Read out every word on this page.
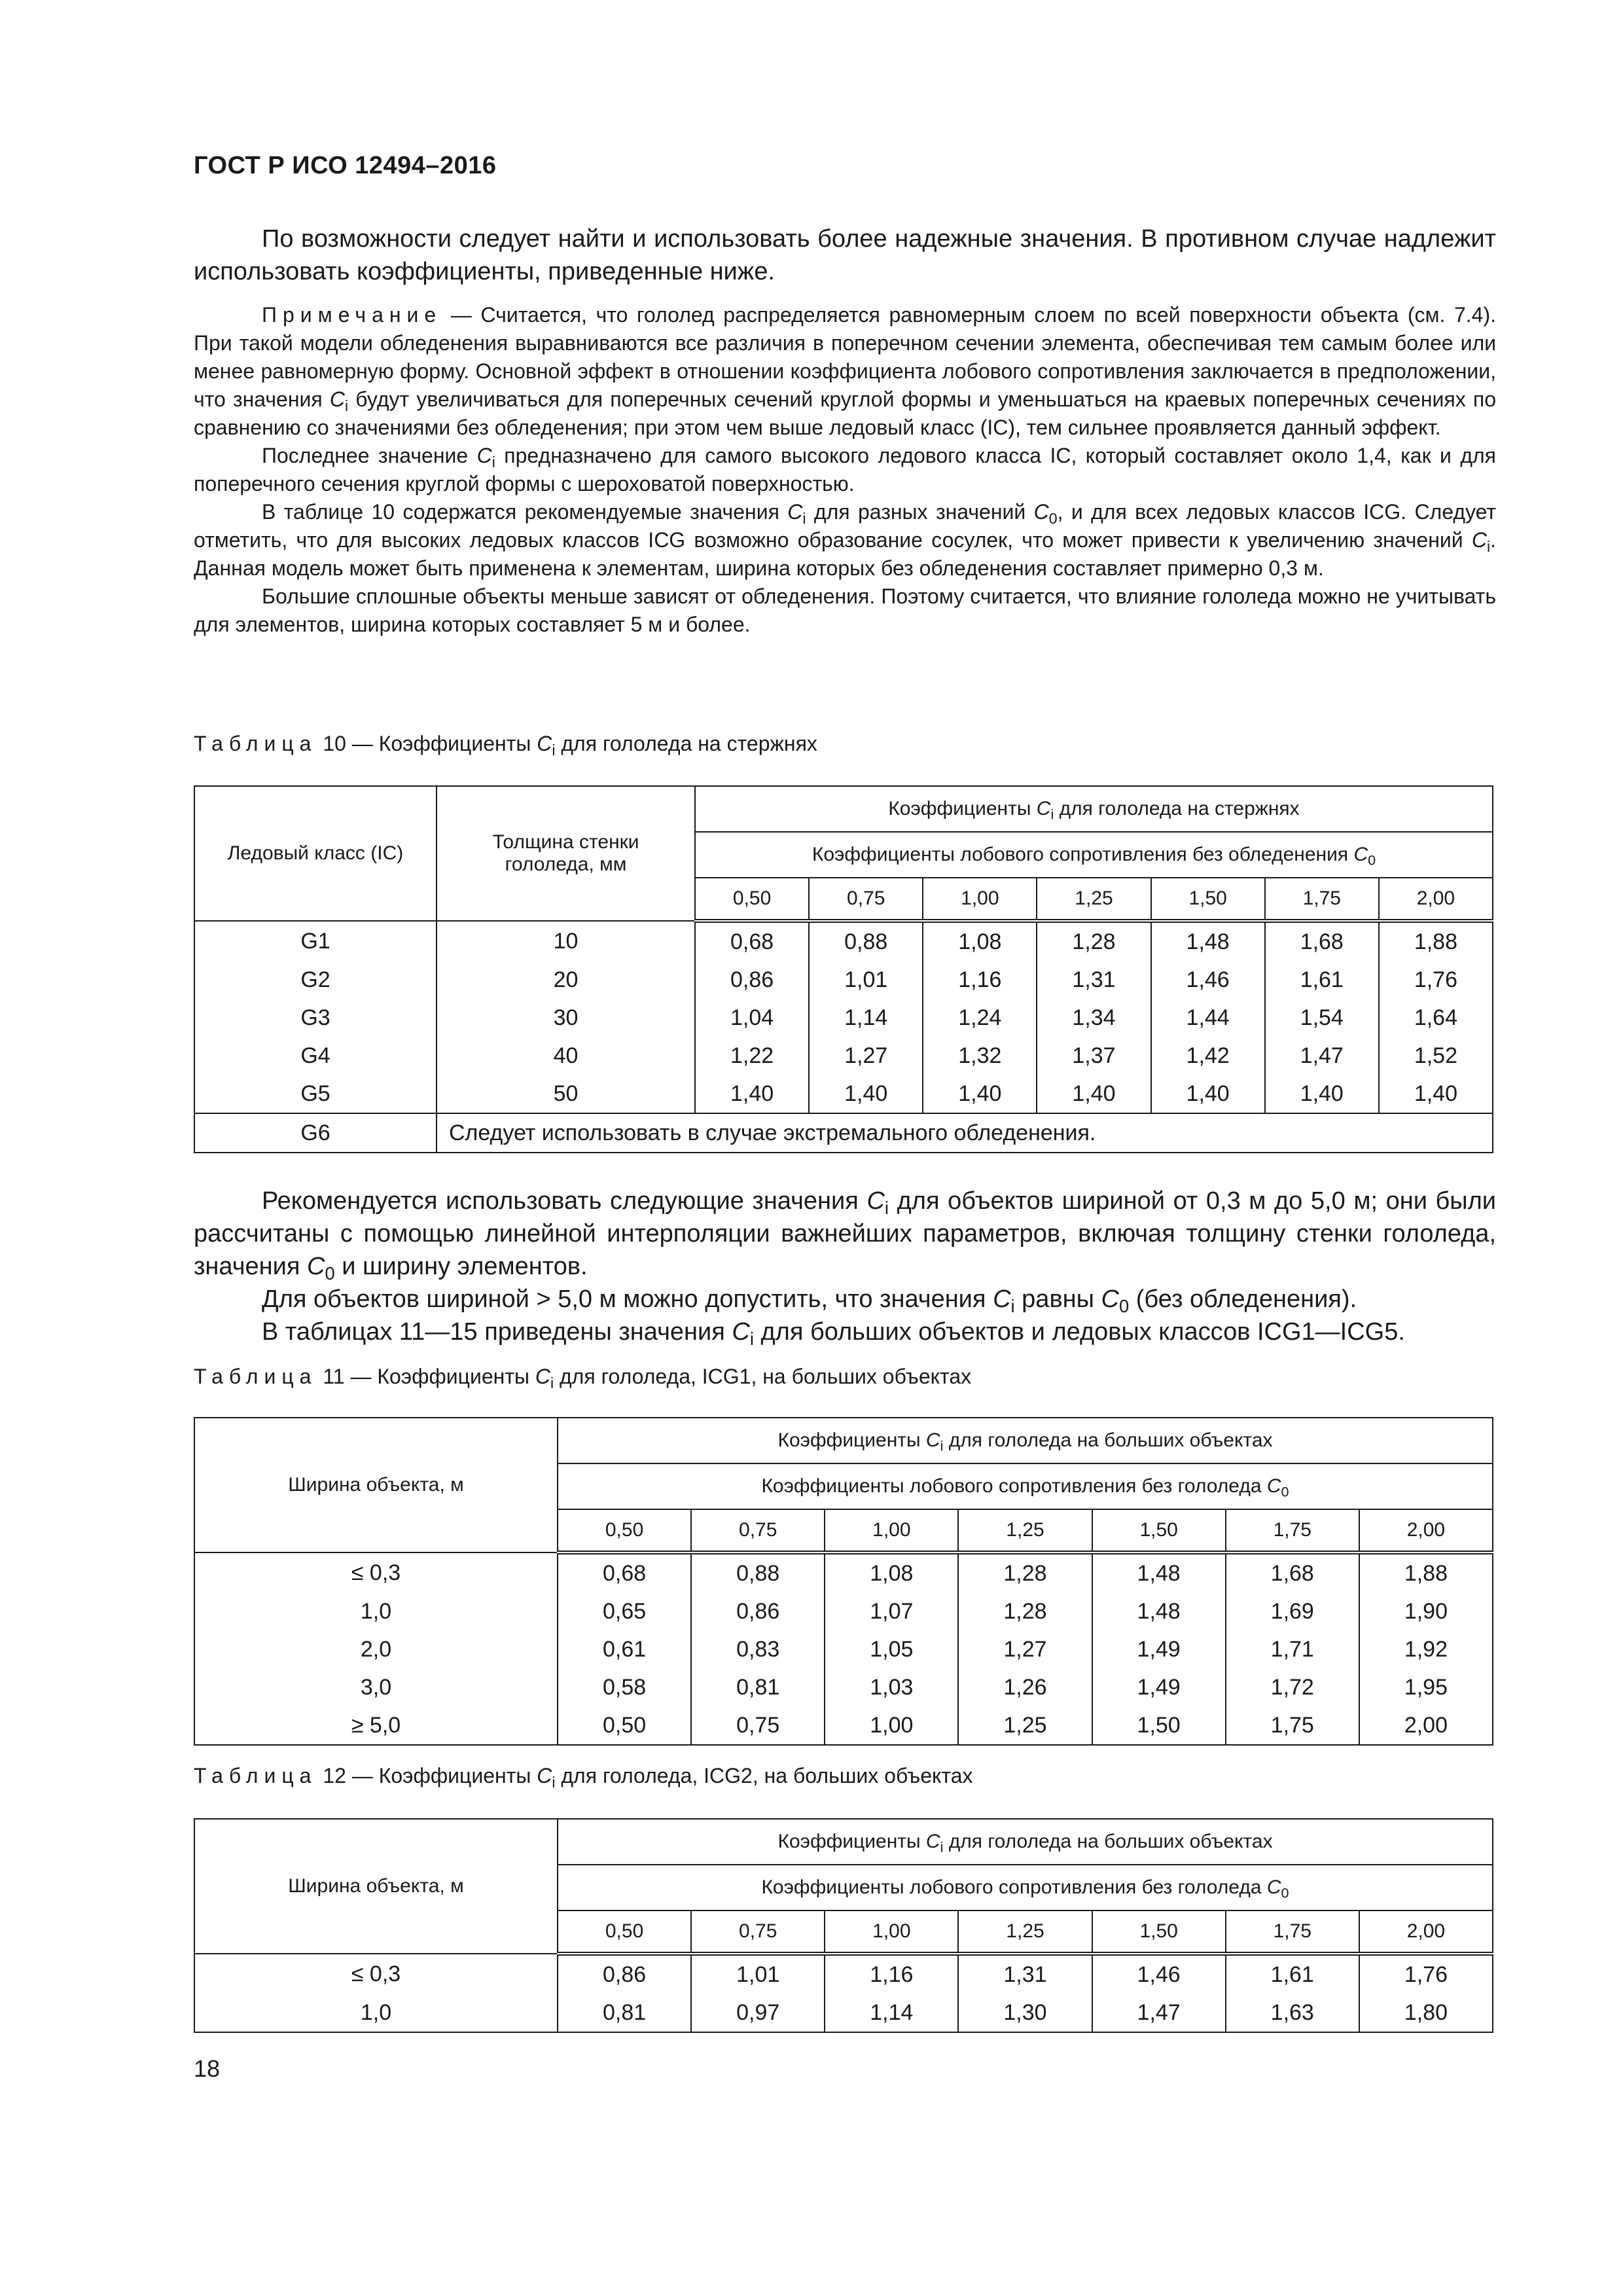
ГОСТ Р ИСО 12494–2016
По возможности следует найти и использовать более надежные значения. В противном случае надлежит использовать коэффициенты, приведенные ниже.
Примечание — Считается, что гололед распределяется равномерным слоем по всей поверхности объекта (см. 7.4). При такой модели обледенения выравниваются все различия в поперечном сечении элемента, обеспечивая тем самым более или менее равномерную форму. Основной эффект в отношении коэффициента лобового сопротивления заключается в предположении, что значения $C_i$ будут увеличиваться для поперечных сечений круглой формы и уменьшаться на краевых поперечных сечениях по сравнению со значениями без обледенения; при этом чем выше ледовый класс (IC), тем сильнее проявляется данный эффект.
Последнее значение $C_i$ предназначено для самого высокого ледового класса IC, который составляет около 1,4, как и для поперечного сечения круглой формы с шероховатой поверхностью.
В таблице 10 содержатся рекомендуемые значения $C_i$ для разных значений $C_0$, и для всех ледовых классов ICG. Следует отметить, что для высоких ледовых классов ICG возможно образование сосулек, что может привести к увеличению значений $C_i$. Данная модель может быть применена к элементам, ширина которых без обледенения составляет примерно 0,3 м.
Большие сплошные объекты меньше зависят от обледенения. Поэтому считается, что влияние гололеда можно не учитывать для элементов, ширина которых составляет 5 м и более.
Таблица 10 — Коэффициенты $C_i$ для гололеда на стержнях
Ледовый класс (IC)	Толщина стенки гололеда, мм	Коэффициенты $C_i$ для гололеда на стержнях						
		Коэффициенты лобового сопротивления без обледенения $C_0$
		0,50	0,75	1,00	1,25	1,50	1,75	2,00
G1	10	0,68	0,88	1,08	1,28	1,48	1,68	1,88
G2	20	0,86	1,01	1,16	1,31	1,46	1,61	1,76
G3	30	1,04	1,14	1,24	1,34	1,44	1,54	1,64
G4	40	1,22	1,27	1,32	1,37	1,42	1,47	1,52
G5	50	1,40	1,40	1,40	1,40	1,40	1,40	1,40
G6	Следует использовать в случае экстремального обледенения.							
Рекомендуется использовать следующие значения $C_i$ для объектов шириной от 0,3 м до 5,0 м; они были рассчитаны с помощью линейной интерполяции важнейших параметров, включая толщину стенки гололеда, значения $C_0$ и ширину элементов.
Для объектов шириной > 5,0 м можно допустить, что значения $C_i$ равны $C_0$ (без обледенения).
В таблицах 11—15 приведены значения $C_i$ для больших объектов и ледовых классов ICG1—ICG5.
Таблица 11 — Коэффициенты $C_i$ для гололеда, ICG1, на больших объектах
Ширина объекта, м	Коэффициенты $C_i$ для гололеда на больших объектах						
	Коэффициенты лобового сопротивления без гололеда $C_0$
	0,50	0,75	1,00	1,25	1,50	1,75	2,00
≤ 0,3	0,68	0,88	1,08	1,28	1,48	1,68	1,88
1,0	0,65	0,86	1,07	1,28	1,48	1,69	1,90
2,0	0,61	0,83	1,05	1,27	1,49	1,71	1,92
3,0	0,58	0,81	1,03	1,26	1,49	1,72	1,95
≥ 5,0	0,50	0,75	1,00	1,25	1,50	1,75	2,00
Таблица 12 — Коэффициенты $C_i$ для гололеда, ICG2, на больших объектах
Ширина объекта, м	Коэффициенты $C_i$ для гололеда на больших объектах						
	Коэффициенты лобового сопротивления без гололеда $C_0$
	0,50	0,75	1,00	1,25	1,50	1,75	2,00
≤ 0,3	0,86	1,01	1,16	1,31	1,46	1,61	1,76
1,0	0,81	0,97	1,14	1,30	1,47	1,63	1,80
18
